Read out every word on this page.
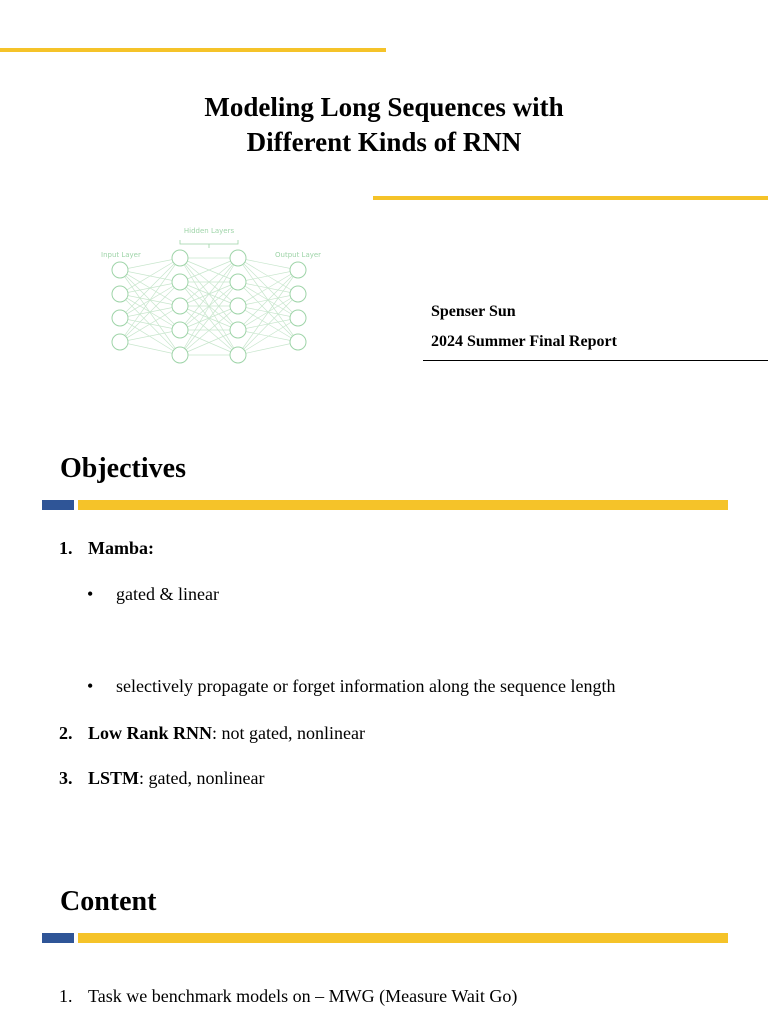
Modeling Long Sequences with
Different Kinds of RNN
Hidden Layers
Input Layer	Output Layer
Spenser Sun
2024 Summer Final Report
Objectives
1. Mamba:
• gated & linear
• selectively propagate or forget information along the sequence length
2. Low Rank RNN: not gated, nonlinear
3. LSTM: gated, nonlinear
Content
1. Task we benchmark models on – MWG (Measure Wait Go)
